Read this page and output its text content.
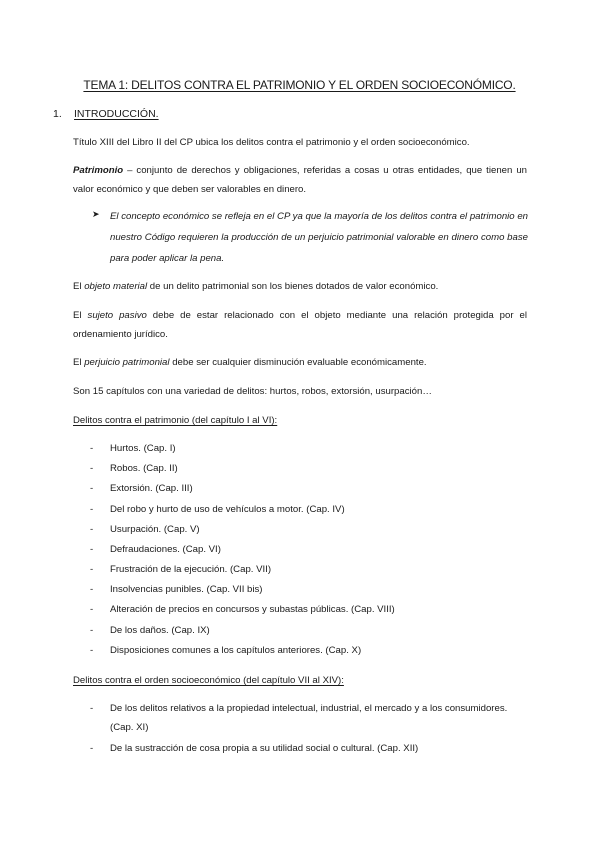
TEMA 1: DELITOS CONTRA EL PATRIMONIO Y EL ORDEN SOCIOECONÓMICO.
1. INTRODUCCIÓN.
Título XIII del Libro II del CP ubica los delitos contra el patrimonio y el orden socioeconómico.
Patrimonio – conjunto de derechos y obligaciones, referidas a cosas u otras entidades, que tienen un valor económico y que deben ser valorables en dinero.
➤ El concepto económico se refleja en el CP ya que la mayoría de los delitos contra el patrimonio en nuestro Código requieren la producción de un perjuicio patrimonial valorable en dinero como base para poder aplicar la pena.
El objeto material de un delito patrimonial son los bienes dotados de valor económico.
El sujeto pasivo debe de estar relacionado con el objeto mediante una relación protegida por el ordenamiento jurídico.
El perjuicio patrimonial debe ser cualquier disminución evaluable económicamente.
Son 15 capítulos con una variedad de delitos: hurtos, robos, extorsión, usurpación…
Delitos contra el patrimonio (del capítulo I al VI):
- Hurtos. (Cap. I)
- Robos. (Cap. II)
- Extorsión. (Cap. III)
- Del robo y hurto de uso de vehículos a motor. (Cap. IV)
- Usurpación. (Cap. V)
- Defraudaciones. (Cap. VI)
- Frustración de la ejecución. (Cap. VII)
- Insolvencias punibles. (Cap. VII bis)
- Alteración de precios en concursos y subastas públicas. (Cap. VIII)
- De los daños. (Cap. IX)
- Disposiciones comunes a los capítulos anteriores. (Cap. X)
Delitos contra el orden socioeconómico (del capítulo VII al XIV):
- De los delitos relativos a la propiedad intelectual, industrial, el mercado y a los consumidores. (Cap. XI)
- De la sustracción de cosa propia a su utilidad social o cultural. (Cap. XII)
